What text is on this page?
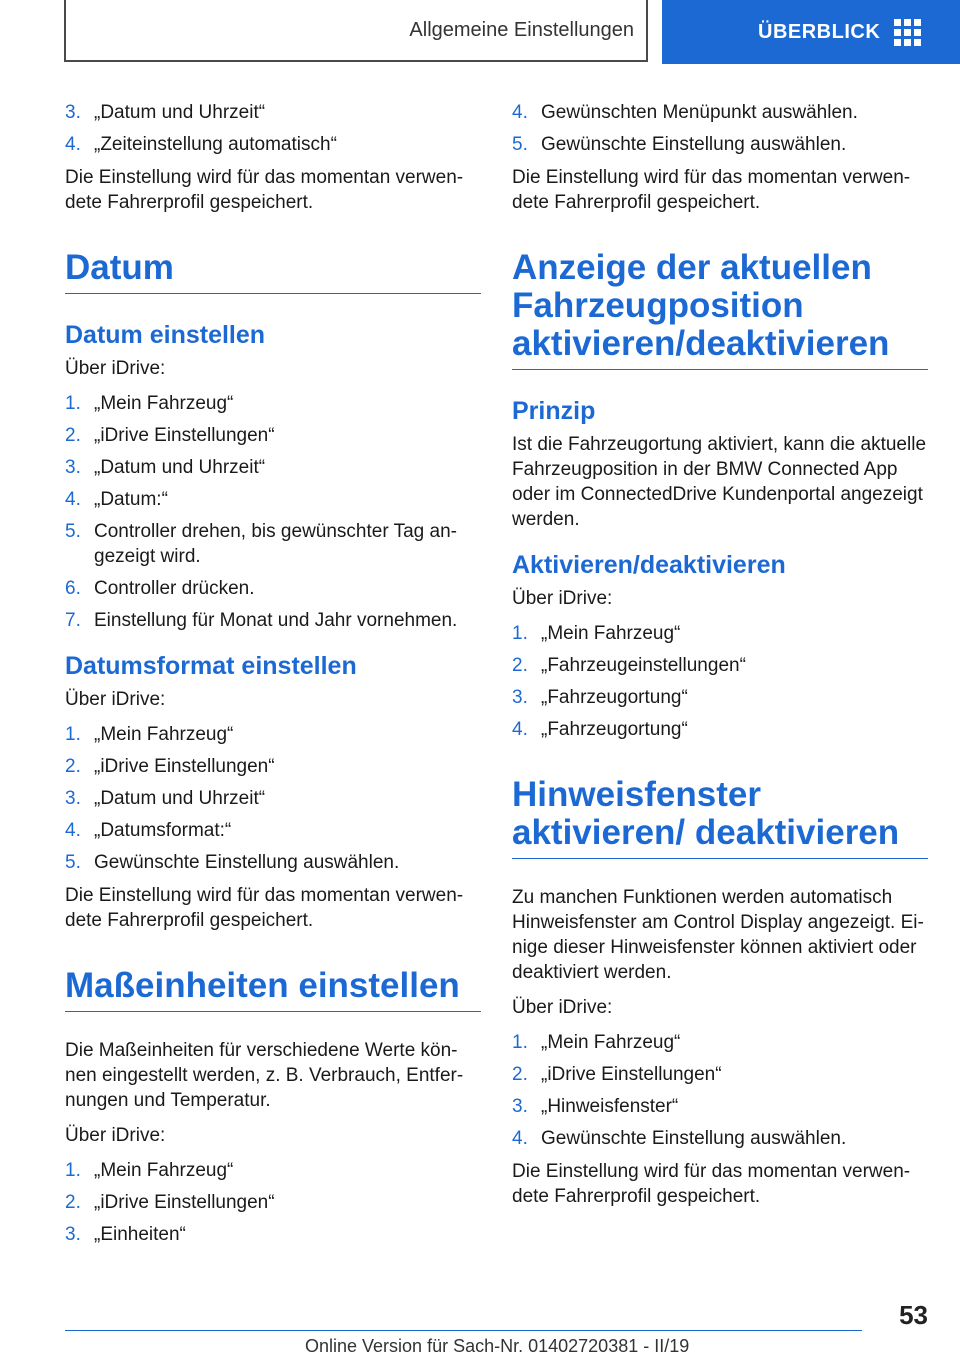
Allgemeine Einstellungen	ÜBERBLICK
3. „Datum und Uhrzeit“
4. „Zeiteinstellung automatisch“

Die Einstellung wird für das momentan verwen-dete Fahrerprofil gespeichert.

Datum
Datum einstellen

Über iDrive:

1. „Mein Fahrzeug“
2. „iDrive Einstellungen“
3. „Datum und Uhrzeit“
4. „Datum:“
5. Controller drehen, bis gewünschter Tag an-gezeigt wird.
6. Controller drücken.
7. Einstellung für Monat und Jahr vornehmen.
Datumsformat einstellen

Über iDrive:

1. „Mein Fahrzeug“
2. „iDrive Einstellungen“
3. „Datum und Uhrzeit“
4. „Datumsformat:“
5. Gewünschte Einstellung auswählen.

Die Einstellung wird für das momentan verwen-dete Fahrerprofil gespeichert.

Maßeinheiten einstellen

Die Maßeinheiten für verschiedene Werte kön-nen eingestellt werden, z. B. Verbrauch, Entfer-nungen und Temperatur.

Über iDrive:

1. „Mein Fahrzeug“
2. „iDrive Einstellungen“
3. „Einheiten“
4. Gewünschten Menüpunkt auswählen.
5. Gewünschte Einstellung auswählen.

Die Einstellung wird für das momentan verwen-dete Fahrerprofil gespeichert.

Anzeige der aktuellen Fahrzeugposition aktivieren/deaktivieren
Prinzip

Ist die Fahrzeugortung aktiviert, kann die aktuelle Fahrzeugposition in der BMW Connected App oder im ConnectedDrive Kundenportal angezeigt werden.

Aktivieren/deaktivieren

Über iDrive:

1. „Mein Fahrzeug“
2. „Fahrzeugeinstellungen“
3. „Fahrzeugortung“
4. „Fahrzeugortung“
Hinweisfenster aktivieren/ deaktivieren

Zu manchen Funktionen werden automatisch Hinweisfenster am Control Display angezeigt. Ei-nige dieser Hinweisfenster können aktiviert oder deaktiviert werden.

Über iDrive:

1. „Mein Fahrzeug“
2. „iDrive Einstellungen“
3. „Hinweisfenster“
4. Gewünschte Einstellung auswählen.

Die Einstellung wird für das momentan verwen-dete Fahrerprofil gespeichert.

53
Online Version für Sach-Nr. 01402720381 - II/19
